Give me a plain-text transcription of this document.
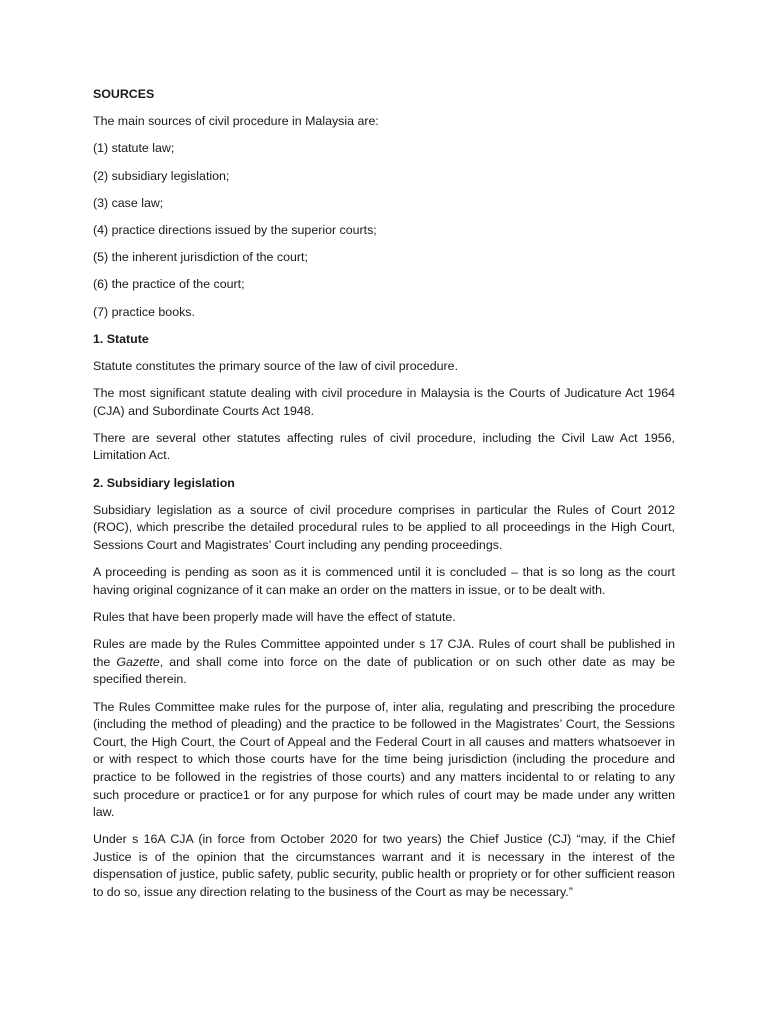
SOURCES

The main sources of civil procedure in Malaysia are:

(1) statute law;

(2) subsidiary legislation;

(3) case law;

(4) practice directions issued by the superior courts;

(5) the inherent jurisdiction of the court;

(6) the practice of the court;

(7) practice books.

1. Statute

Statute constitutes the primary source of the law of civil procedure.

The most significant statute dealing with civil procedure in Malaysia is the Courts of Judicature Act 1964 (CJA) and Subordinate Courts Act 1948.

There are several other statutes affecting rules of civil procedure, including the Civil Law Act 1956, Limitation Act.

2. Subsidiary legislation

Subsidiary legislation as a source of civil procedure comprises in particular the Rules of Court 2012 (ROC), which prescribe the detailed procedural rules to be applied to all proceedings in the High Court, Sessions Court and Magistrates’ Court including any pending proceedings.

A proceeding is pending as soon as it is commenced until it is concluded – that is so long as the court having original cognizance of it can make an order on the matters in issue, or to be dealt with.

Rules that have been properly made will have the effect of statute.

Rules are made by the Rules Committee appointed under s 17 CJA. Rules of court shall be published in the Gazette, and shall come into force on the date of publication or on such other date as may be specified therein.

The Rules Committee make rules for the purpose of, inter alia, regulating and prescribing the procedure (including the method of pleading) and the practice to be followed in the Magistrates’ Court, the Sessions Court, the High Court, the Court of Appeal and the Federal Court in all causes and matters whatsoever in or with respect to which those courts have for the time being jurisdiction (including the procedure and practice to be followed in the registries of those courts) and any matters incidental to or relating to any such procedure or practice1 or for any purpose for which rules of court may be made under any written law.

Under s 16A CJA (in force from October 2020 for two years) the Chief Justice (CJ) “may, if the Chief Justice is of the opinion that the circumstances warrant and it is necessary in the interest of the dispensation of justice, public safety, public security, public health or propriety or for other sufficient reason to do so, issue any direction relating to the business of the Court as may be necessary.”
